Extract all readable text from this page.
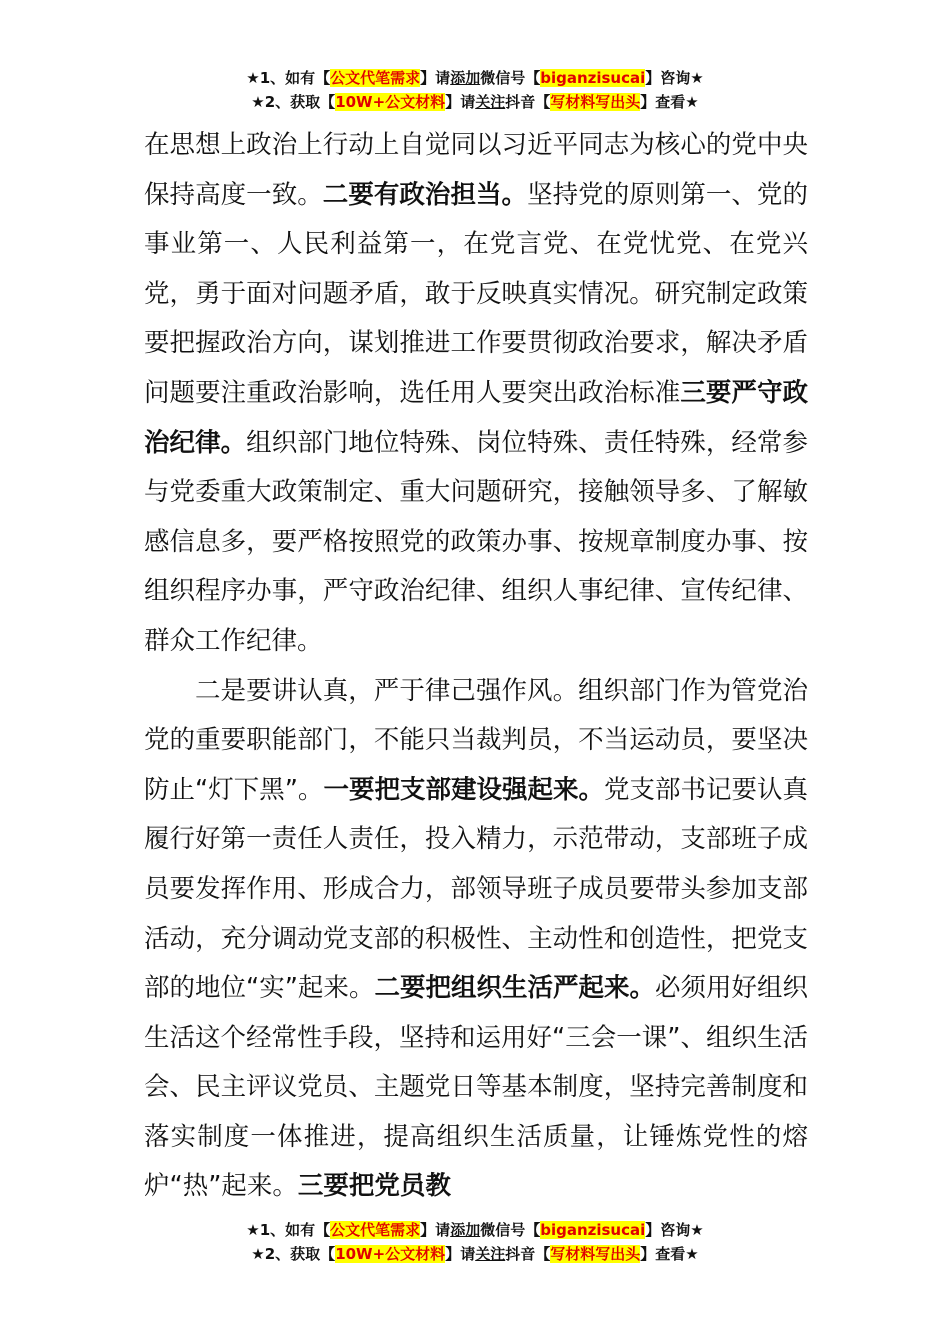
★1、如有【公文代笔需求】请添加微信号【biganzisucai】咨询★
★2、获取【10W+公文材料】请关注抖音【写材料写出头】查看★

在思想上政治上行动上自觉同以习近平同志为核心的党中央保持高度一致。二要有政治担当。坚持党的原则第一、党的事业第一、人民利益第一，在党言党、在党忧党、在党兴党，勇于面对问题矛盾，敢于反映真实情况。研究制定政策要把握政治方向，谋划推进工作要贯彻政治要求，解决矛盾问题要注重政治影响，选任用人要突出政治标准三要严守政治纪律。组织部门地位特殊、岗位特殊、责任特殊，经常参与党委重大政策制定、重大问题研究，接触领导多、了解敏感信息多，要严格按照党的政策办事、按规章制度办事、按组织程序办事，严守政治纪律、组织人事纪律、宣传纪律、群众工作纪律。

二是要讲认真，严于律己强作风。组织部门作为管党治党的重要职能部门，不能只当裁判员，不当运动员，要坚决防止“灯下黑”。一要把支部建设强起来。党支部书记要认真履行好第一责任人责任，投入精力，示范带动，支部班子成员要发挥作用、形成合力，部领导班子成员要带头参加支部活动，充分调动党支部的积极性、主动性和创造性，把党支部的地位“实”起来。二要把组织生活严起来。必须用好组织生活这个经常性手段，坚持和运用好“三会一课”、组织生活会、民主评议党员、主题党日等基本制度，坚持完善制度和落实制度一体推进，提高组织生活质量，让锤炼党性的熔炉“热”起来。三要把党员教

★1、如有【公文代笔需求】请添加微信号【biganzisucai】咨询★
★2、获取【10W+公文材料】请关注抖音【写材料写出头】查看★
